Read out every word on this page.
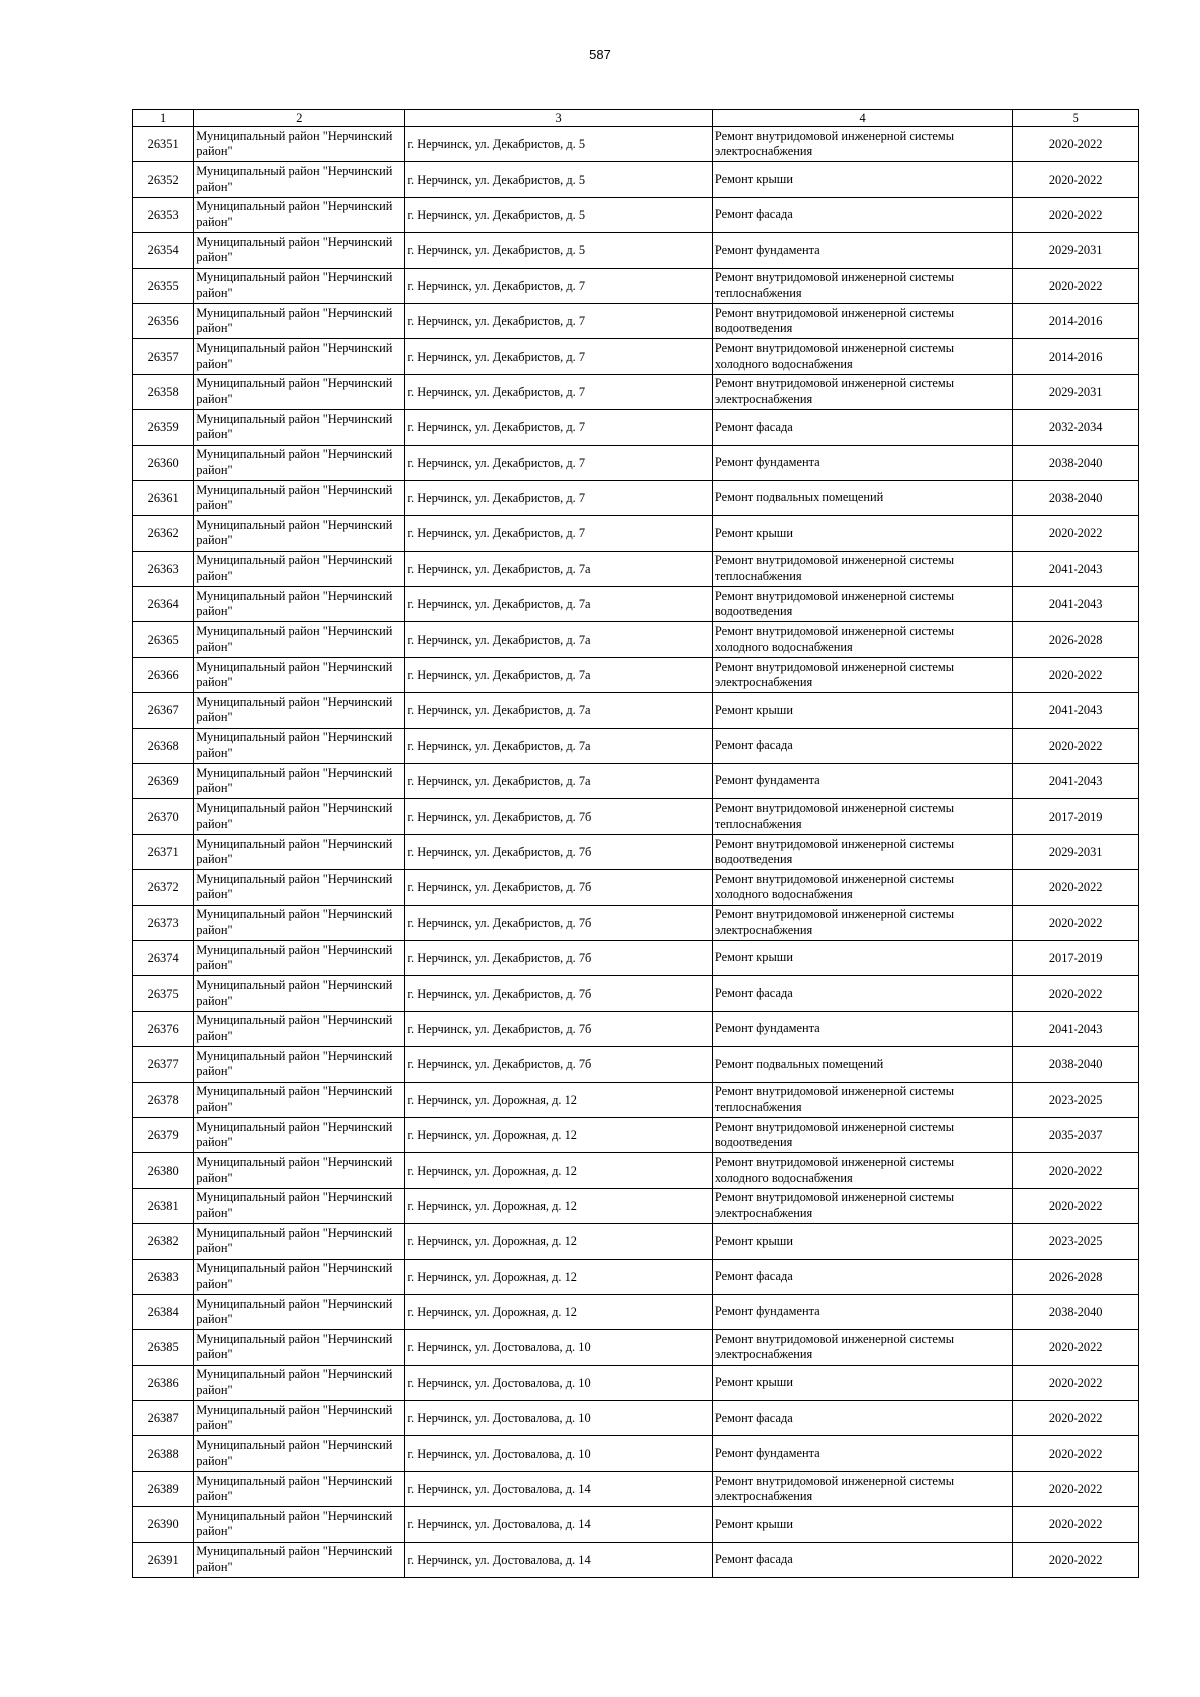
587
1	2	3	4	5
26351	Муниципальный район "Нерчинский район"	г. Нерчинск, ул. Декабристов, д. 5	Ремонт внутридомовой инженерной системы электроснабжения	2020-2022
26352	Муниципальный район "Нерчинский район"	г. Нерчинск, ул. Декабристов, д. 5	Ремонт крыши	2020-2022
26353	Муниципальный район "Нерчинский район"	г. Нерчинск, ул. Декабристов, д. 5	Ремонт фасада	2020-2022
26354	Муниципальный район "Нерчинский район"	г. Нерчинск, ул. Декабристов, д. 5	Ремонт фундамента	2029-2031
26355	Муниципальный район "Нерчинский район"	г. Нерчинск, ул. Декабристов, д. 7	Ремонт внутридомовой инженерной системы теплоснабжения	2020-2022
26356	Муниципальный район "Нерчинский район"	г. Нерчинск, ул. Декабристов, д. 7	Ремонт внутридомовой инженерной системы водоотведения	2014-2016
26357	Муниципальный район "Нерчинский район"	г. Нерчинск, ул. Декабристов, д. 7	Ремонт внутридомовой инженерной системы холодного водоснабжения	2014-2016
26358	Муниципальный район "Нерчинский район"	г. Нерчинск, ул. Декабристов, д. 7	Ремонт внутридомовой инженерной системы электроснабжения	2029-2031
26359	Муниципальный район "Нерчинский район"	г. Нерчинск, ул. Декабристов, д. 7	Ремонт фасада	2032-2034
26360	Муниципальный район "Нерчинский район"	г. Нерчинск, ул. Декабристов, д. 7	Ремонт фундамента	2038-2040
26361	Муниципальный район "Нерчинский район"	г. Нерчинск, ул. Декабристов, д. 7	Ремонт подвальных помещений	2038-2040
26362	Муниципальный район "Нерчинский район"	г. Нерчинск, ул. Декабристов, д. 7	Ремонт крыши	2020-2022
26363	Муниципальный район "Нерчинский район"	г. Нерчинск, ул. Декабристов, д. 7а	Ремонт внутридомовой инженерной системы теплоснабжения	2041-2043
26364	Муниципальный район "Нерчинский район"	г. Нерчинск, ул. Декабристов, д. 7а	Ремонт внутридомовой инженерной системы водоотведения	2041-2043
26365	Муниципальный район "Нерчинский район"	г. Нерчинск, ул. Декабристов, д. 7а	Ремонт внутридомовой инженерной системы холодного водоснабжения	2026-2028
26366	Муниципальный район "Нерчинский район"	г. Нерчинск, ул. Декабристов, д. 7а	Ремонт внутридомовой инженерной системы электроснабжения	2020-2022
26367	Муниципальный район "Нерчинский район"	г. Нерчинск, ул. Декабристов, д. 7а	Ремонт крыши	2041-2043
26368	Муниципальный район "Нерчинский район"	г. Нерчинск, ул. Декабристов, д. 7а	Ремонт фасада	2020-2022
26369	Муниципальный район "Нерчинский район"	г. Нерчинск, ул. Декабристов, д. 7а	Ремонт фундамента	2041-2043
26370	Муниципальный район "Нерчинский район"	г. Нерчинск, ул. Декабристов, д. 7б	Ремонт внутридомовой инженерной системы теплоснабжения	2017-2019
26371	Муниципальный район "Нерчинский район"	г. Нерчинск, ул. Декабристов, д. 7б	Ремонт внутридомовой инженерной системы водоотведения	2029-2031
26372	Муниципальный район "Нерчинский район"	г. Нерчинск, ул. Декабристов, д. 7б	Ремонт внутридомовой инженерной системы холодного водоснабжения	2020-2022
26373	Муниципальный район "Нерчинский район"	г. Нерчинск, ул. Декабристов, д. 7б	Ремонт внутридомовой инженерной системы электроснабжения	2020-2022
26374	Муниципальный район "Нерчинский район"	г. Нерчинск, ул. Декабристов, д. 7б	Ремонт крыши	2017-2019
26375	Муниципальный район "Нерчинский район"	г. Нерчинск, ул. Декабристов, д. 7б	Ремонт фасада	2020-2022
26376	Муниципальный район "Нерчинский район"	г. Нерчинск, ул. Декабристов, д. 7б	Ремонт фундамента	2041-2043
26377	Муниципальный район "Нерчинский район"	г. Нерчинск, ул. Декабристов, д. 7б	Ремонт подвальных помещений	2038-2040
26378	Муниципальный район "Нерчинский район"	г. Нерчинск, ул. Дорожная, д. 12	Ремонт внутридомовой инженерной системы теплоснабжения	2023-2025
26379	Муниципальный район "Нерчинский район"	г. Нерчинск, ул. Дорожная, д. 12	Ремонт внутридомовой инженерной системы водоотведения	2035-2037
26380	Муниципальный район "Нерчинский район"	г. Нерчинск, ул. Дорожная, д. 12	Ремонт внутридомовой инженерной системы холодного водоснабжения	2020-2022
26381	Муниципальный район "Нерчинский район"	г. Нерчинск, ул. Дорожная, д. 12	Ремонт внутридомовой инженерной системы электроснабжения	2020-2022
26382	Муниципальный район "Нерчинский район"	г. Нерчинск, ул. Дорожная, д. 12	Ремонт крыши	2023-2025
26383	Муниципальный район "Нерчинский район"	г. Нерчинск, ул. Дорожная, д. 12	Ремонт фасада	2026-2028
26384	Муниципальный район "Нерчинский район"	г. Нерчинск, ул. Дорожная, д. 12	Ремонт фундамента	2038-2040
26385	Муниципальный район "Нерчинский район"	г. Нерчинск, ул. Достовалова, д. 10	Ремонт внутридомовой инженерной системы электроснабжения	2020-2022
26386	Муниципальный район "Нерчинский район"	г. Нерчинск, ул. Достовалова, д. 10	Ремонт крыши	2020-2022
26387	Муниципальный район "Нерчинский район"	г. Нерчинск, ул. Достовалова, д. 10	Ремонт фасада	2020-2022
26388	Муниципальный район "Нерчинский район"	г. Нерчинск, ул. Достовалова, д. 10	Ремонт фундамента	2020-2022
26389	Муниципальный район "Нерчинский район"	г. Нерчинск, ул. Достовалова, д. 14	Ремонт внутридомовой инженерной системы электроснабжения	2020-2022
26390	Муниципальный район "Нерчинский район"	г. Нерчинск, ул. Достовалова, д. 14	Ремонт крыши	2020-2022
26391	Муниципальный район "Нерчинский район"	г. Нерчинск, ул. Достовалова, д. 14	Ремонт фасада	2020-2022
